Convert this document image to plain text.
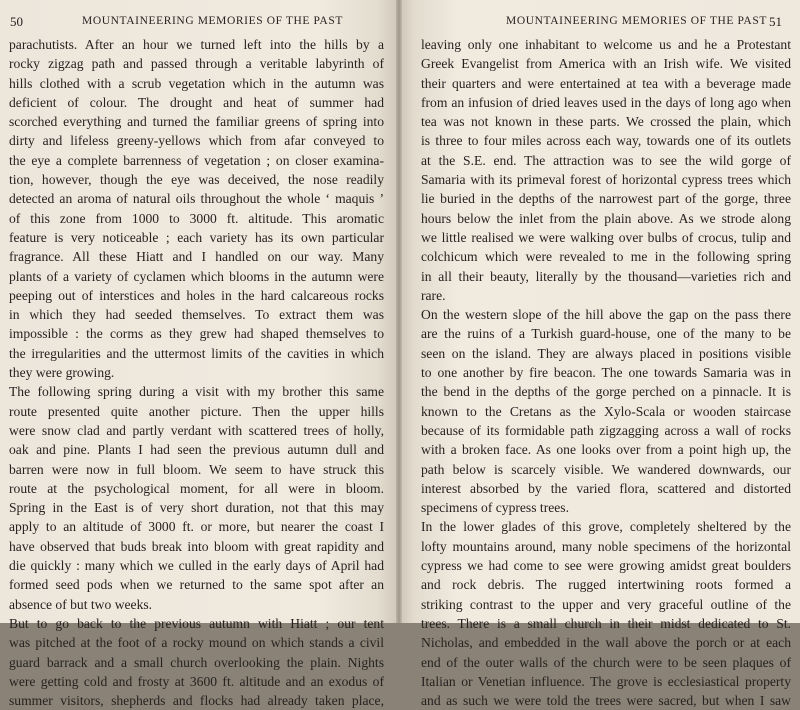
50	MOUNTAINEERING MEMORIES OF THE PAST
parachutists. After an hour we turned left into the hills by a
rocky zigzag path and passed through a veritable labyrinth of
hills clothed with a scrub vegetation which in the autumn was
deficient of colour. The drought and heat of summer had
scorched everything and turned the familiar greens of spring into
dirty and lifeless greeny-yellows which from afar conveyed to
the eye a complete barrenness of vegetation ; on closer examina-
tion, however, though the eye was deceived, the nose readily
detected an aroma of natural oils throughout the whole ‘ maquis ’
of this zone from 1000 to 3000 ft. altitude. This aromatic
feature is very noticeable ; each variety has its own particular
fragrance. All these Hiatt and I handled on our way. Many
plants of a variety of cyclamen which blooms in the autumn were
peeping out of interstices and holes in the hard calcareous rocks
in which they had seeded themselves. To extract them was
impossible : the corms as they grew had shaped themselves to
the irregularities and the uttermost limits of the cavities in which
they were growing.
The following spring during a visit with my brother this same
route presented quite another picture. Then the upper hills
were snow clad and partly verdant with scattered trees of holly,
oak and pine. Plants I had seen the previous autumn dull and
barren were now in full bloom. We seem to have struck this
route at the psychological moment, for all were in bloom.
Spring in the East is of very short duration, not that this may
apply to an altitude of 3000 ft. or more, but nearer the coast I
have observed that buds break into bloom with great rapidity and
die quickly : many which we culled in the early days of April had
formed seed pods when we returned to the same spot after an
absence of but two weeks.
But to go back to the previous autumn with Hiatt ; our tent
was pitched at the foot of a rocky mound on which stands a civil
guard barrack and a small church overlooking the plain. Nights
were getting cold and frosty at 3600 ft. altitude and an exodus of
summer visitors, shepherds and flocks had already taken place,
MOUNTAINEERING MEMORIES OF THE PAST 51
leaving only one inhabitant to welcome us and he a Protestant
Greek Evangelist from America with an Irish wife. We visited
their quarters and were entertained at tea with a beverage made
from an infusion of dried leaves used in the days of long ago when
tea was not known in these parts. We crossed the plain, which
is three to four miles across each way, towards one of its outlets
at the S.E. end. The attraction was to see the wild gorge of
Samaria with its primeval forest of horizontal cypress trees which
lie buried in the depths of the narrowest part of the gorge, three
hours below the inlet from the plain above. As we strode along
we little realised we were walking over bulbs of crocus, tulip and
colchicum which were revealed to me in the following spring
in all their beauty, literally by the thousand—varieties rich and
rare.
On the western slope of the hill above the gap on the pass there
are the ruins of a Turkish guard-house, one of the many to be
seen on the island. They are always placed in positions visible
to one another by fire beacon. The one towards Samaria was in
the bend in the depths of the gorge perched on a pinnacle. It is
known to the Cretans as the Xylo-Scala or wooden staircase
because of its formidable path zigzagging across a wall of rocks
with a broken face. As one looks over from a point high up, the
path below is scarcely visible. We wandered downwards, our
interest absorbed by the varied flora, scattered and distorted
specimens of cypress trees.
In the lower glades of this grove, completely sheltered by the
lofty mountains around, many noble specimens of the horizontal
cypress we had come to see were growing amidst great boulders
and rock debris. The rugged intertwining roots formed a
striking contrast to the upper and very graceful outline of the
trees. There is a small church in their midst dedicated to St.
Nicholas, and embedded in the wall above the porch or at each
end of the outer walls of the church were to be seen plaques of
Italian or Venetian influence. The grove is ecclesiastical property
and as such we were told the trees were sacred, but when I saw
